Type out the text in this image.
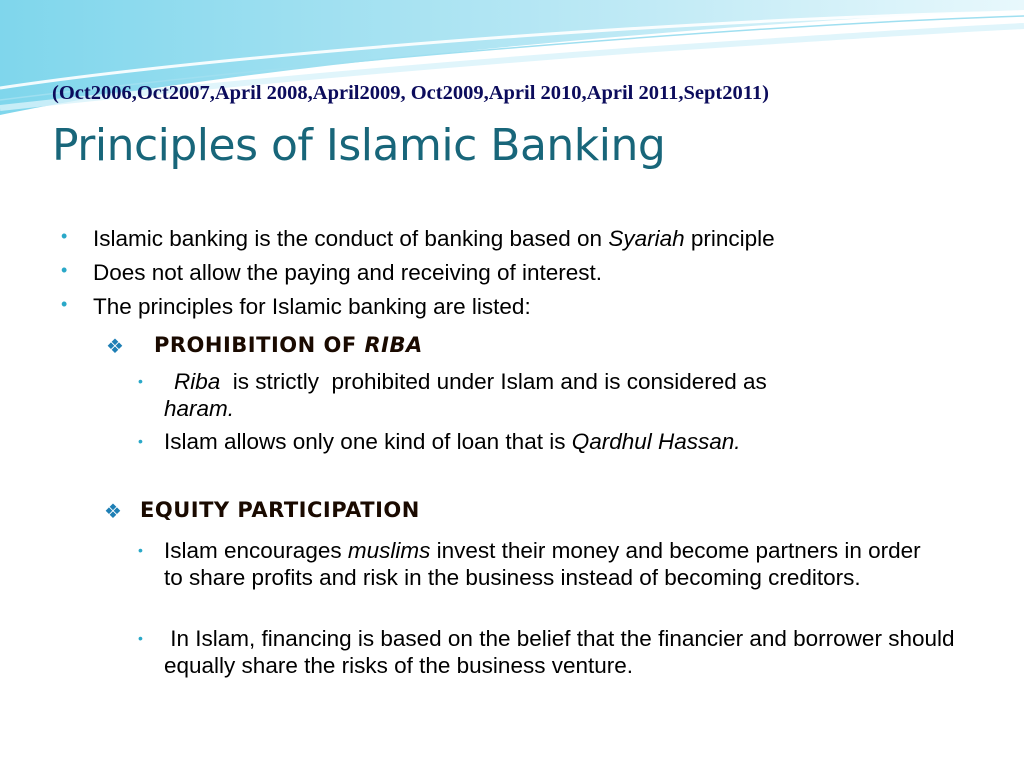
(Oct2006,Oct2007,April 2008,April2009, Oct2009,April 2010,April 2011,Sept2011)
Principles of Islamic Banking
• Islamic banking is the conduct of banking based on Syariah principle
• Does not allow the paying and receiving of interest.
• The principles for Islamic banking are listed:
❖ PROHIBITION OF RIBA
• Riba  is strictly  prohibited under Islam and is considered as
haram.
• Islam allows only one kind of loan that is Qardhul Hassan.
❖ EQUITY PARTICIPATION
• Islam encourages muslims invest their money and become partners in order to share profits and risk in the business instead of becoming creditors.
• In Islam, financing is based on the belief that the financier and borrower should equally share the risks of the business venture.
